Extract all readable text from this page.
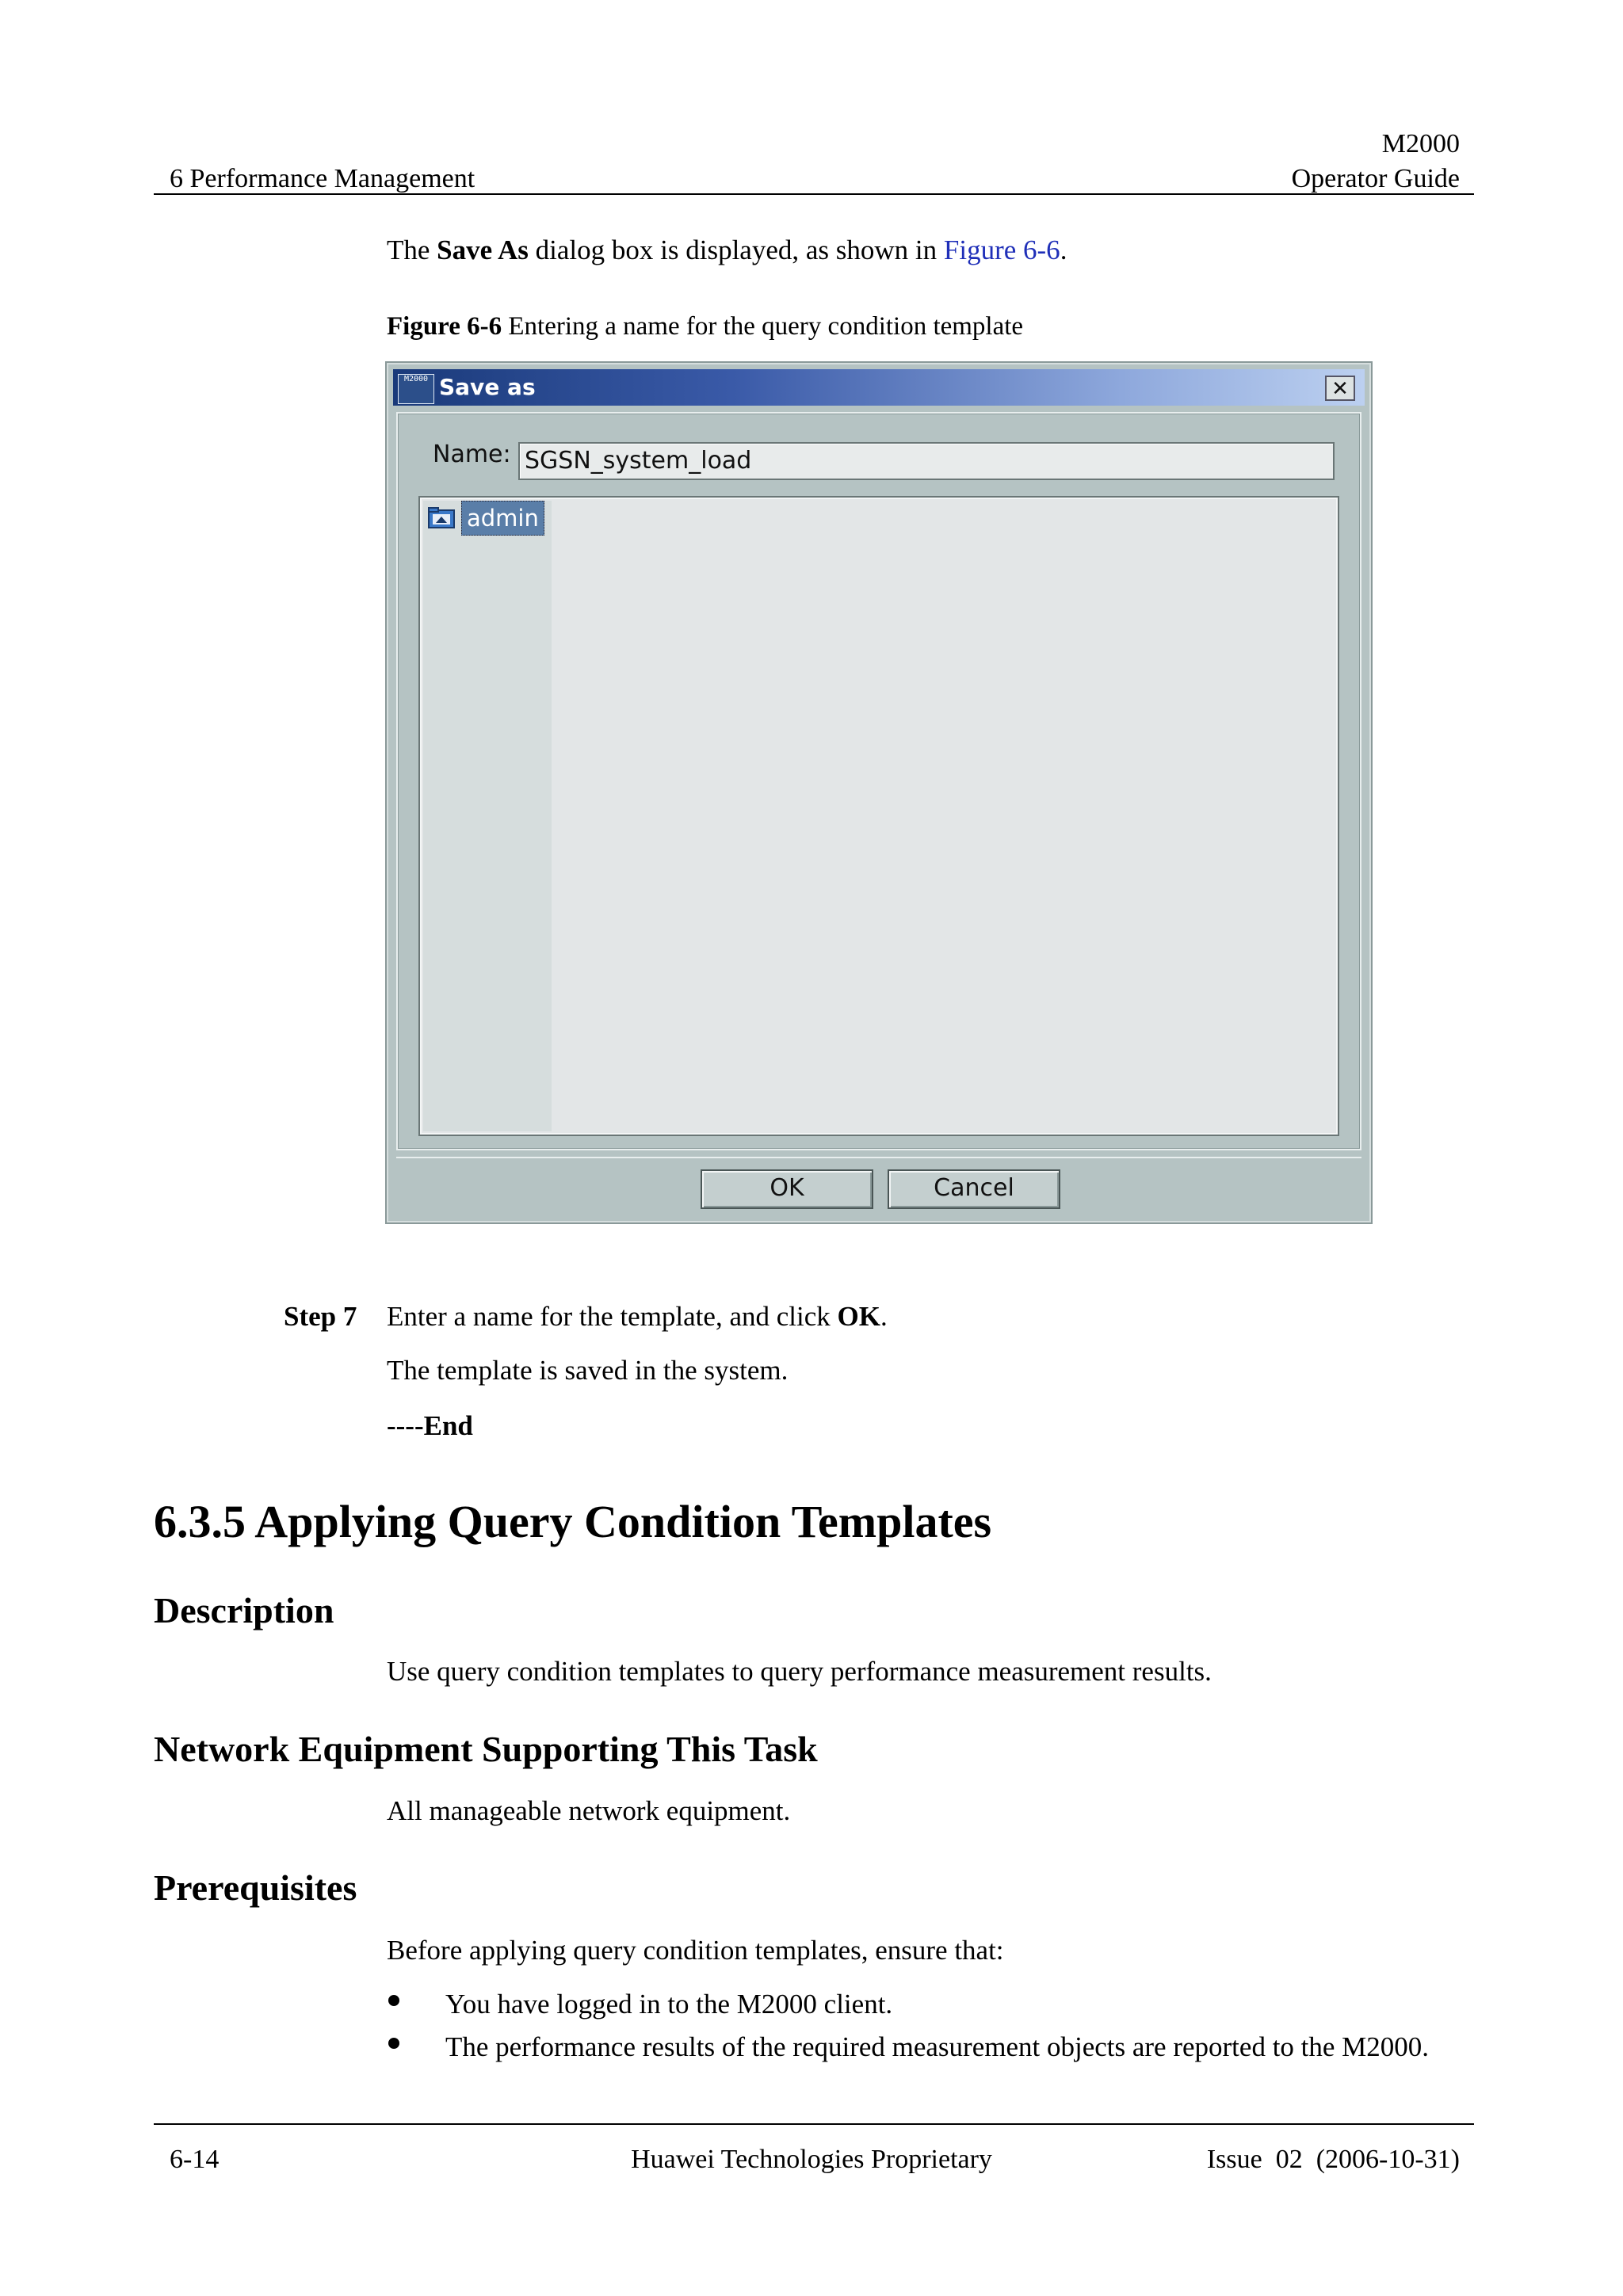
M2000
6 Performance Management	Operator Guide
The Save As dialog box is displayed, as shown in Figure 6-6.
Figure 6-6 Entering a name for the query condition template
M2000 Save as	✕
Name: SGSN_system_load
admin
OK	Cancel
Step 7 Enter a name for the template, and click OK.
The template is saved in the system.
----End
6.3.5 Applying Query Condition Templates
Description
Use query condition templates to query performance measurement results.
Network Equipment Supporting This Task
All manageable network equipment.
Prerequisites
Before applying query condition templates, ensure that:
You have logged in to the M2000 client.
The performance results of the required measurement objects are reported to the M2000.
6-14	Huawei Technologies Proprietary	Issue  02  (2006-10-31)
